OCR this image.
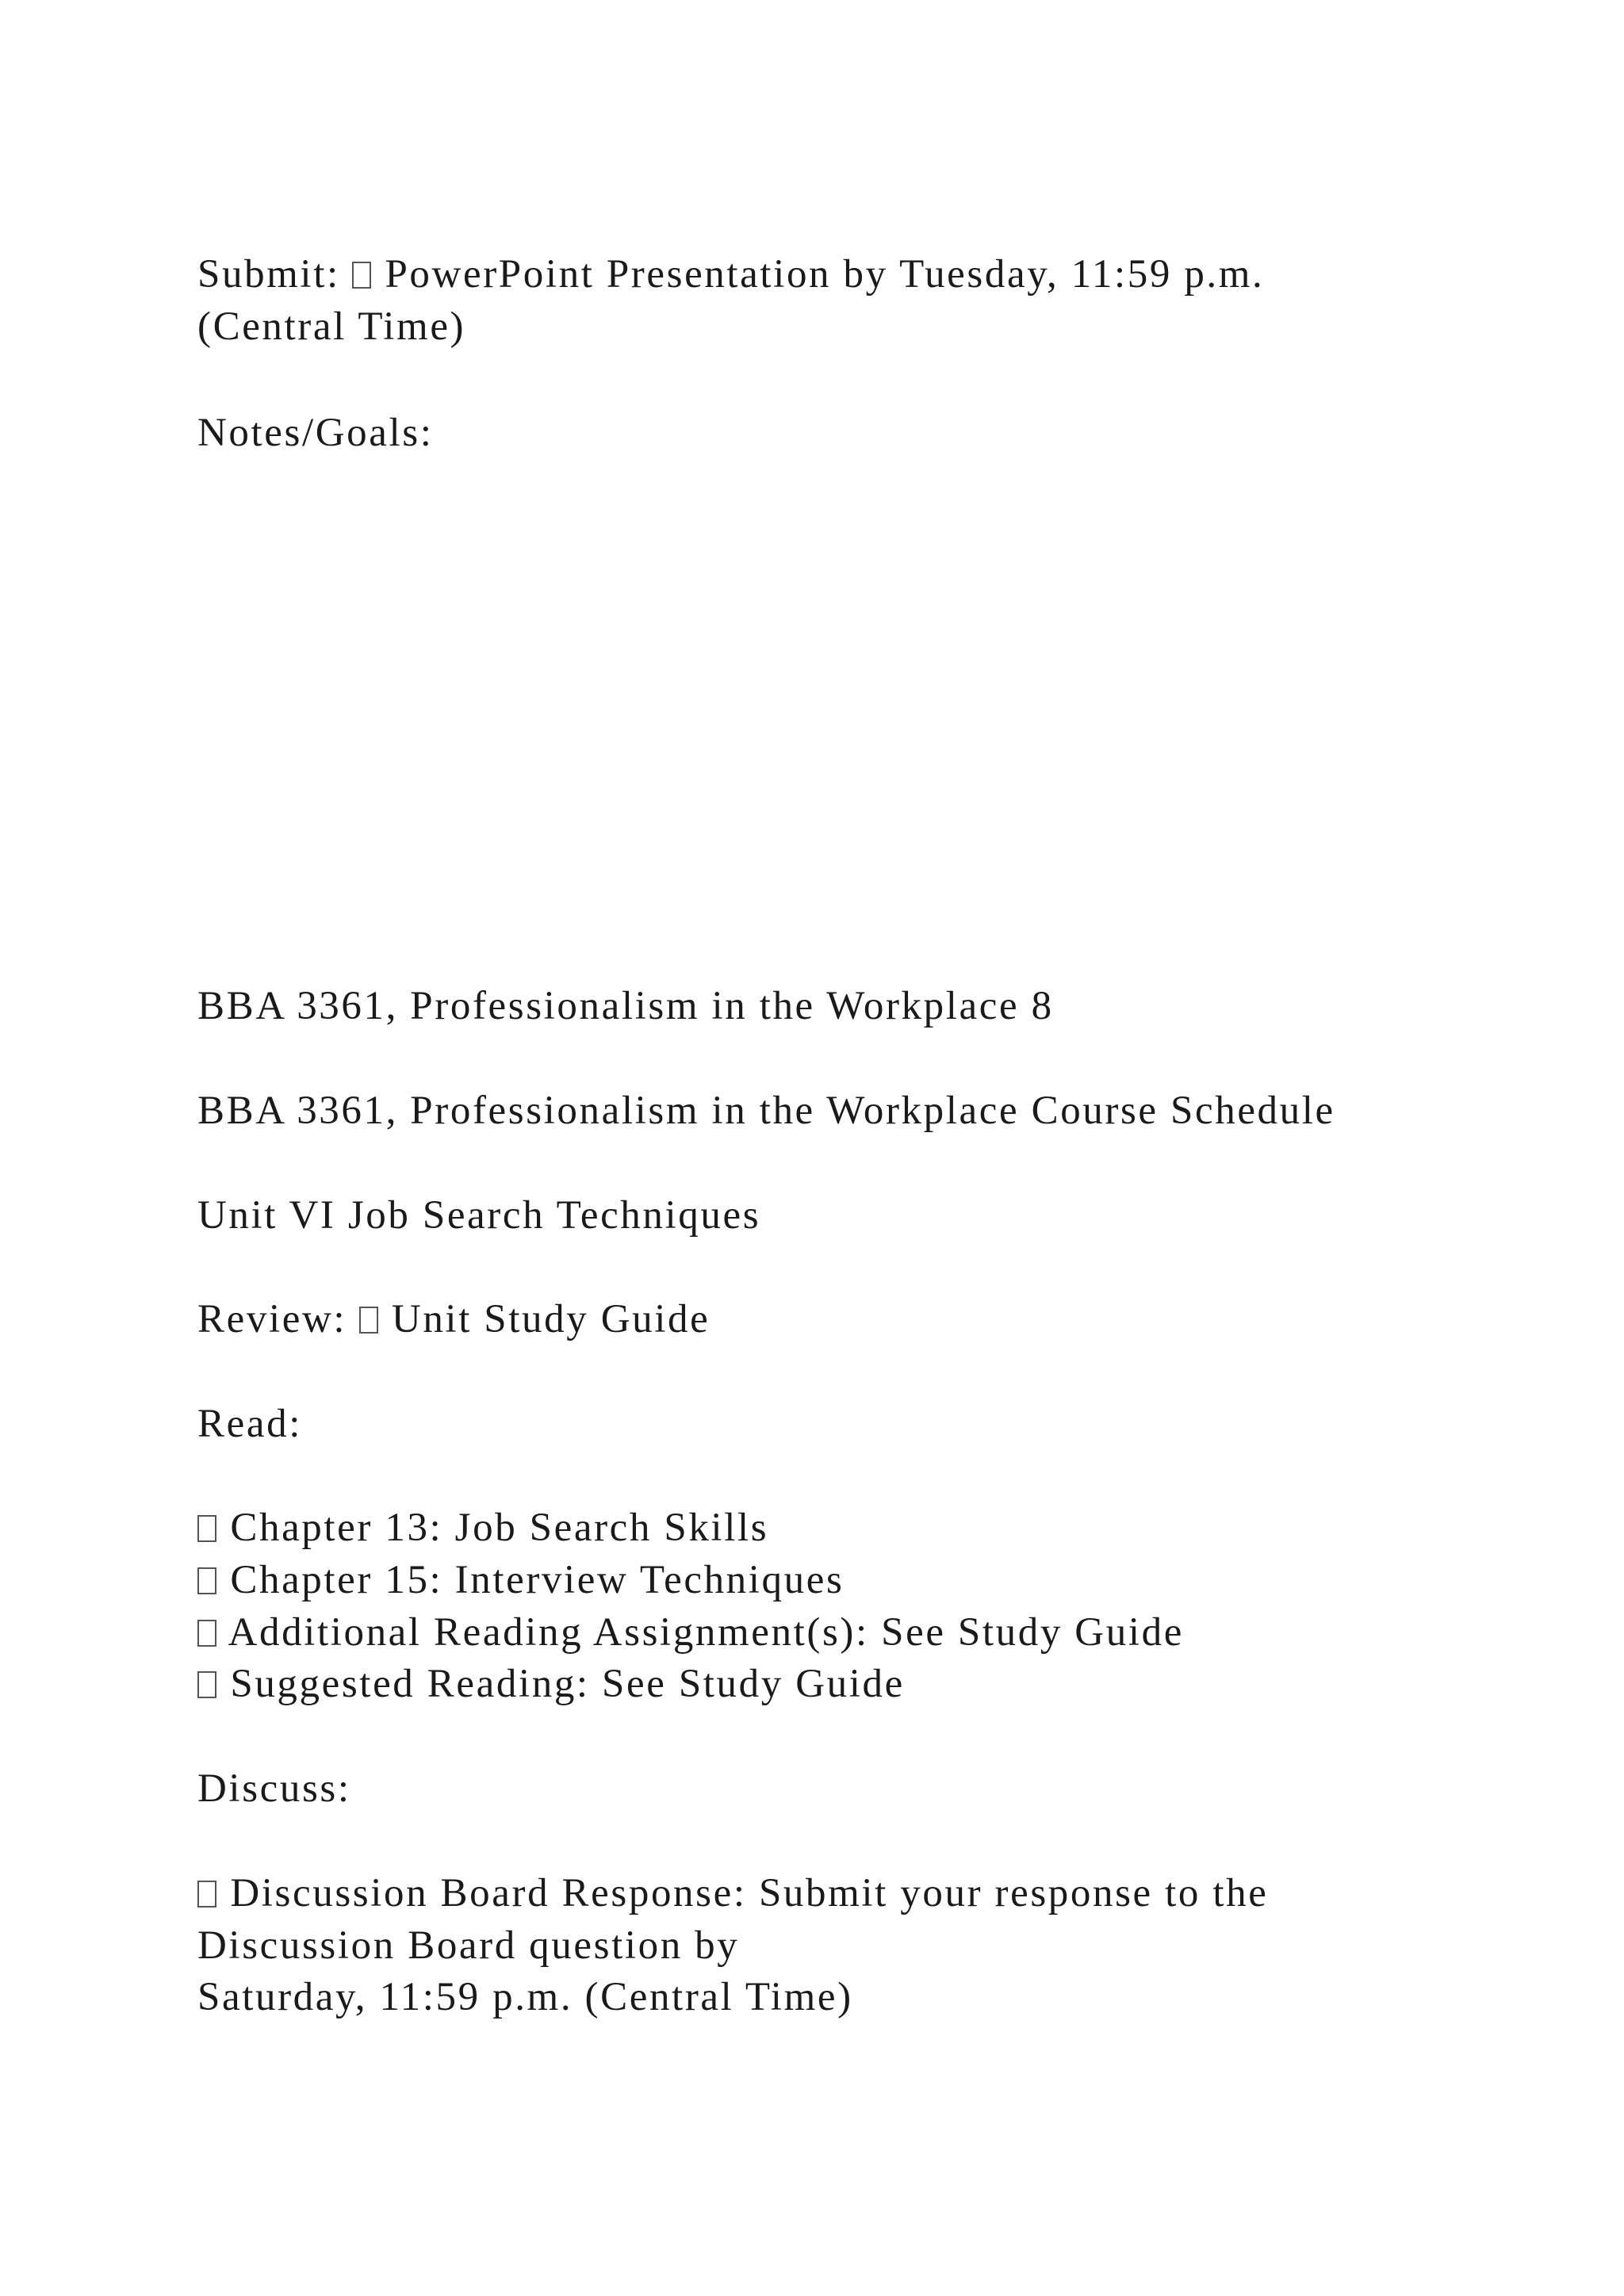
Submit: PowerPoint Presentation by Tuesday, 11:59 p.m.
(Central Time)
Notes/Goals:
BBA 3361, Professionalism in the Workplace 8
BBA 3361, Professionalism in the Workplace Course Schedule
Unit VI Job Search Techniques
Review: Unit Study Guide
Read:
Chapter 13: Job Search Skills
Chapter 15: Interview Techniques
Additional Reading Assignment(s): See Study Guide
Suggested Reading: See Study Guide
Discuss:
Discussion Board Response: Submit your response to the
Discussion Board question by
Saturday, 11:59 p.m. (Central Time)
